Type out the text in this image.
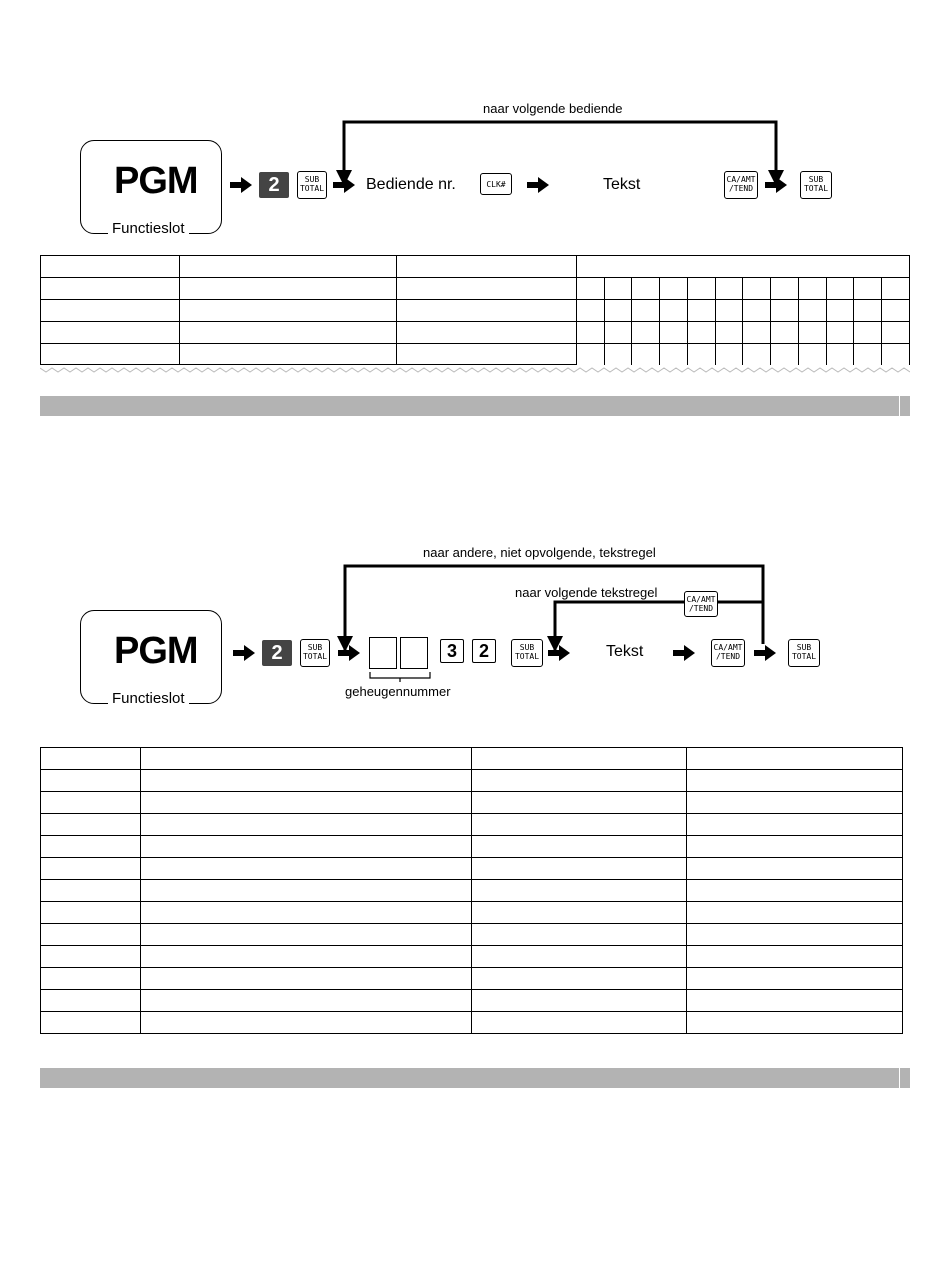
naar volgende bediende
PGM
Functieslot
2	SUB
TOTAL	Bediende nr.	CLK#	Tekst	CA/AMT
/TEND
SUB
TOTAL

naar andere, niet opvolgende, tekstregel
naar volgende tekstregel	CA/AMT
/TEND
PGM
Functieslot
2	SUB
TOTAL
geheugennummer
3	2	SUB
TOTAL	Tekst	CA/AMT
/TEND
SUB
TOTAL
